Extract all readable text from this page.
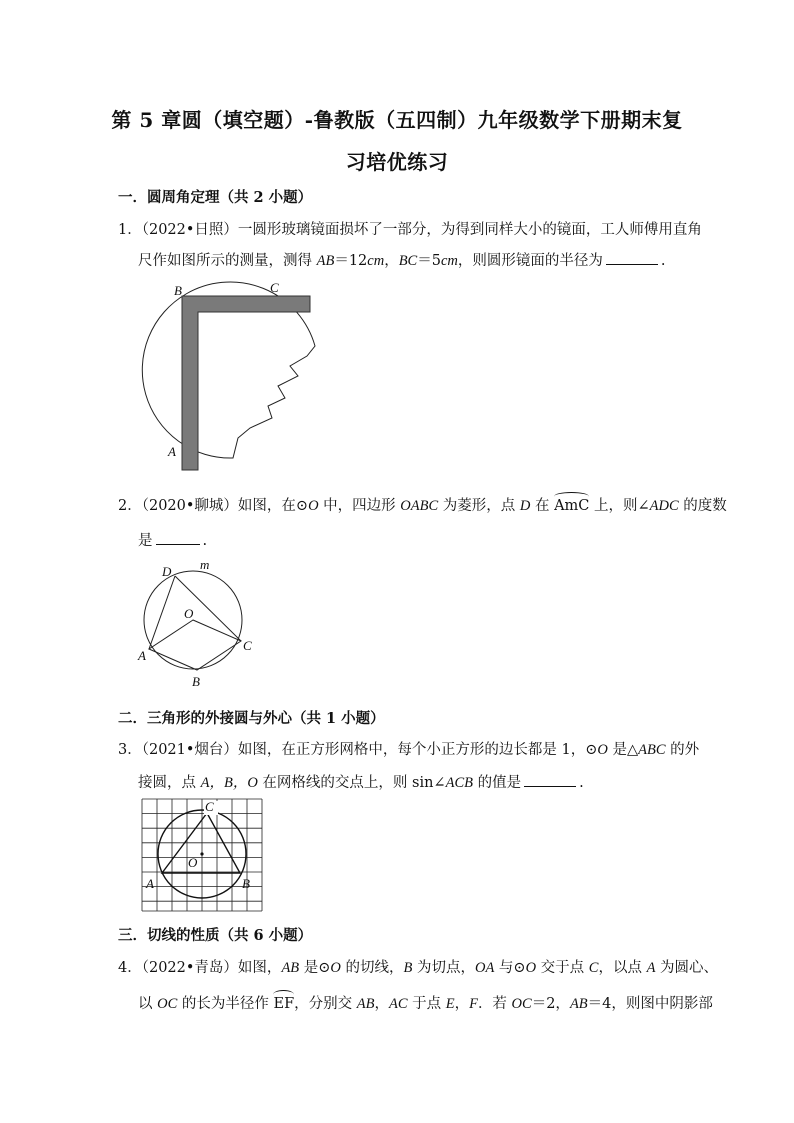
第 5 章圆（填空题）-鲁教版（五四制）九年级数学下册期末复
习培优练习
一．圆周角定理（共 2 小题）
1．（2022•日照）一圆形玻璃镜面损坏了一部分，为得到同样大小的镜面，工人师傅用直角
尺作如图所示的测量，测得 AB＝12cm，BC＝5cm，则圆形镜面的半径为	.
B	C
A
2．（2020•聊城）如图，在⊙O 中，四边形 OABC 为菱形，点 D 在
AmC 上，则∠ADC 的度数
是	.
D m
O
A
C
B
二．三角形的外接圆与外心（共 1 小题）
3．（2021•烟台）如图，在正方形网格中，每个小正方形的边长都是 1，⊙O 是△ABC 的外
接圆，点 A，B，O 在网格线的交点上，则 sin∠ACB 的值是	.
C
O
A	B
三．切线的性质（共 6 小题）
4．（2022•青岛）如图，AB 是⊙O 的切线，B 为切点，OA 与⊙O 交于点 C，以点 A 为圆心、
以 OC 的长为半径作
EF，分别交 AB，AC 于点 E，F．若 OC＝2，AB＝4，则图中阴影部
